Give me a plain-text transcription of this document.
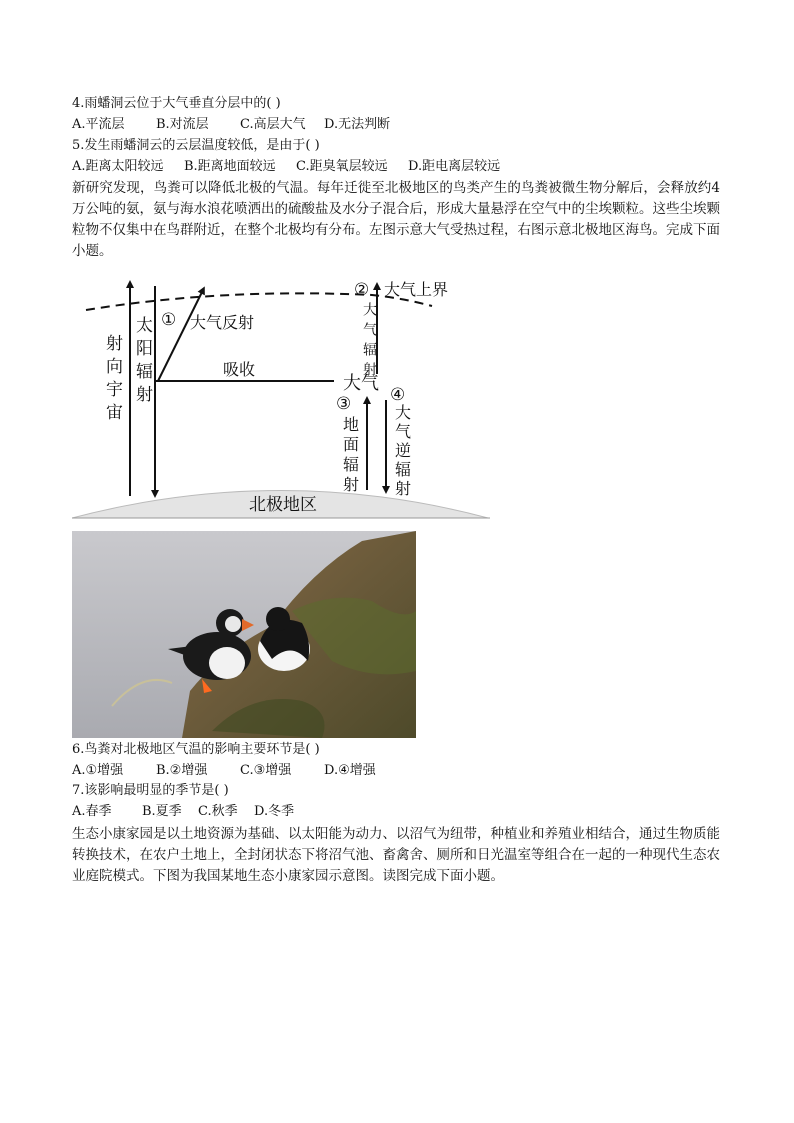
4.雨蟠洞云位于大气垂直分层中的( )
A.平流层 B.对流层 C.高层大气 D.无法判断
5.发生雨蟠洞云的云层温度较低，是由于( )
A.距离太阳较远 B.距离地面较远 C.距臭氧层较远 D.距电离层较远
新研究发现，鸟粪可以降低北极的气温。每年迁徙至北极地区的鸟类产生的鸟粪被微生物分解后，会释放约4万公吨的氨，氨与海水浪花喷洒出的硫酸盐及水分子混合后，形成大量悬浮在空气中的尘埃颗粒。这些尘埃颗粒物不仅集中在鸟群附近，在整个北极均有分布。左图示意大气受热过程，右图示意北极地区海鸟。完成下面小题。
大气上界
②
① 大气反射
吸收
大气
③ ④
射向宇宙 太阳辐射	大气辐射
地面辐射 大气逆辐射
北极地区
6.鸟粪对北极地区气温的影响主要环节是( )
A.①增强	B.②增强	C.③增强	D.④增强
7.该影响最明显的季节是( )
A.春季 B.夏季 C.秋季 D.冬季
生态小康家园是以土地资源为基础、以太阳能为动力、以沼气为纽带，种植业和养殖业相结合，通过生物质能转换技术，在农户土地上，全封闭状态下将沼气池、畜禽舍、厕所和日光温室等组合在一起的一种现代生态农业庭院模式。下图为我国某地生态小康家园示意图。读图完成下面小题。
